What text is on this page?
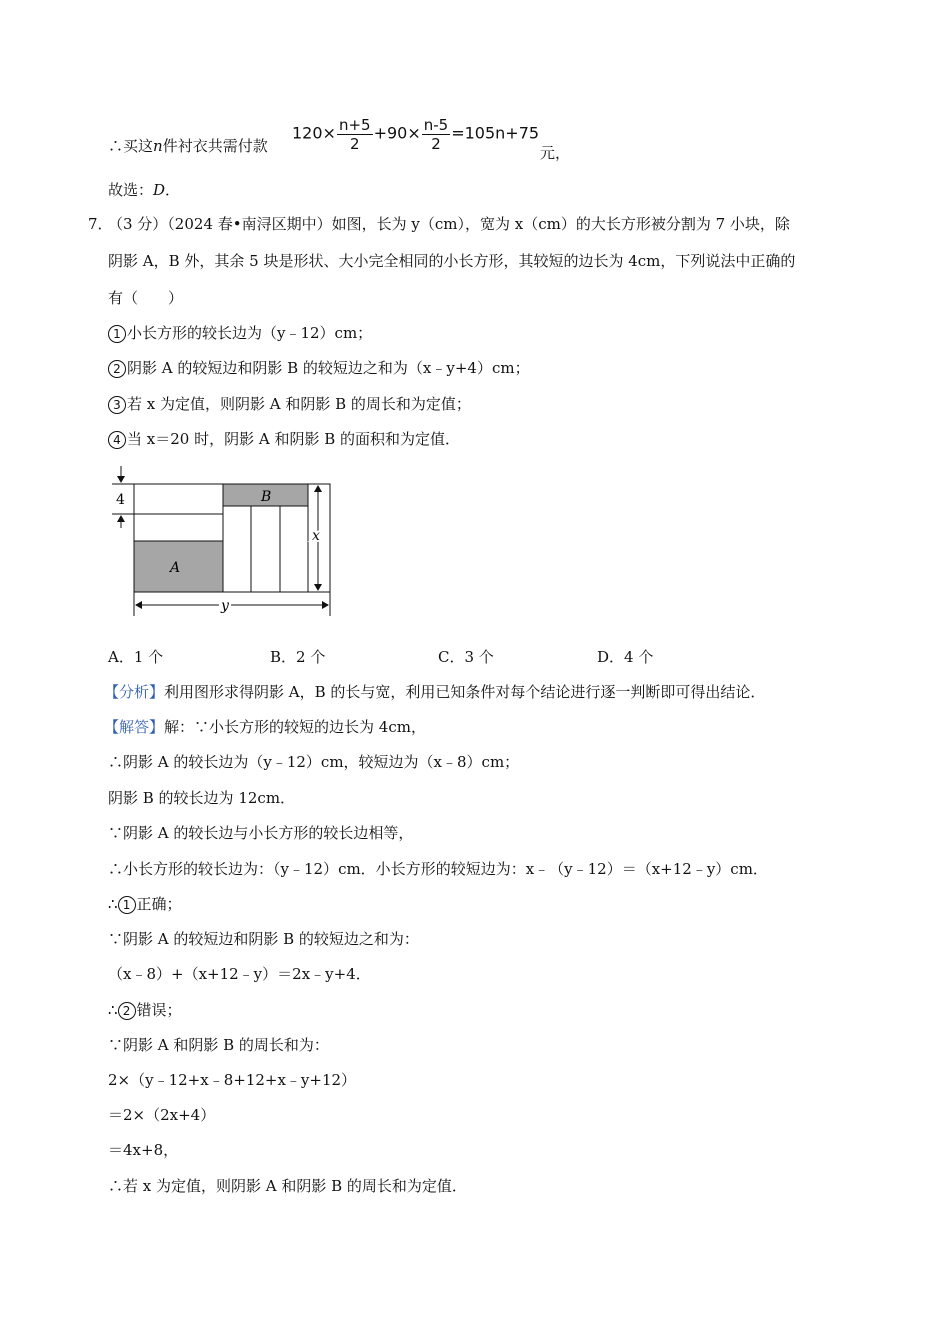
∴买这n件衬衣共需付款
$120\times \frac{n+5}{2} +90\times \frac{n-5}{2} =105n+75$
元，
故选：D．
7．
（3 分）（2024 春•南浔区期中）如图，长为 y（cm），宽为 x（cm）的大长方形被分割为 7 小块，除
阴影 A，B 外，其余 5 块是形状、大小完全相同的小长方形，其较短的边长为 4cm，下列说法中正确的
有（　　）
1 小长方形的较长边为（y﹣12）cm；
2 阴影 A 的较短边和阴影 B 的较短边之和为（x﹣y+4）cm；
3 若 x 为定值，则阴影 A 和阴影 B 的周长和为定值；
4 当 x＝20 时，阴影 A 和阴影 B 的面积和为定值．
4	B
A
x
y
A．1 个	B．2 个	C．3 个	D．4 个
【分析】利用图形求得阴影 A，B 的长与宽，利用已知条件对每个结论进行逐一判断即可得出结论．
【解答】解：∵小长方形的较短的边长为 4cm，
∴阴影 A 的较长边为（y﹣12）cm，较短边为（x﹣8）cm；
阴影 B 的较长边为 12cm．
∵阴影 A 的较长边与小长方形的较长边相等，
∴小长方形的较长边为：（y﹣12）cm．小长方形的较短边为：x﹣（y﹣12）＝（x+12﹣y）cm．
∴ 1 正确；
∵阴影 A 的较短边和阴影 B 的较短边之和为：
（x﹣8）+（x+12﹣y）＝2x﹣y+4．
∴ 2 错误；
∵阴影 A 和阴影 B 的周长和为：
2×（y﹣12+x﹣8+12+x﹣y+12）
＝2×（2x+4）
＝4x+8，
∴若 x 为定值，则阴影 A 和阴影 B 的周长和为定值．
